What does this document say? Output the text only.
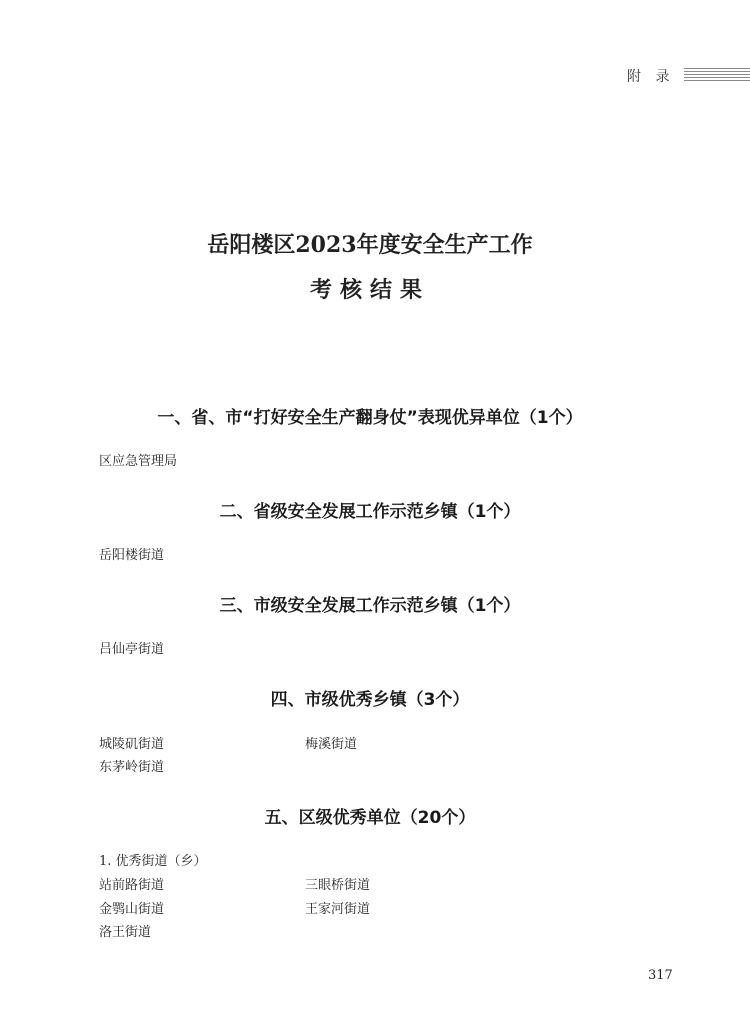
附 录
岳阳楼区2023年度安全生产工作
考核结果
一、省、市“打好安全生产翻身仗”表现优异单位（1个）
区应急管理局
二、省级安全发展工作示范乡镇（1个）
岳阳楼街道
三、市级安全发展工作示范乡镇（1个）
吕仙亭街道
四、市级优秀乡镇（3个）
城陵矶街道	梅溪街道
东茅岭街道
五、区级优秀单位（20个）
1. 优秀街道（乡）
站前路街道	三眼桥街道
金鹗山街道	王家河街道
洛王街道
317
